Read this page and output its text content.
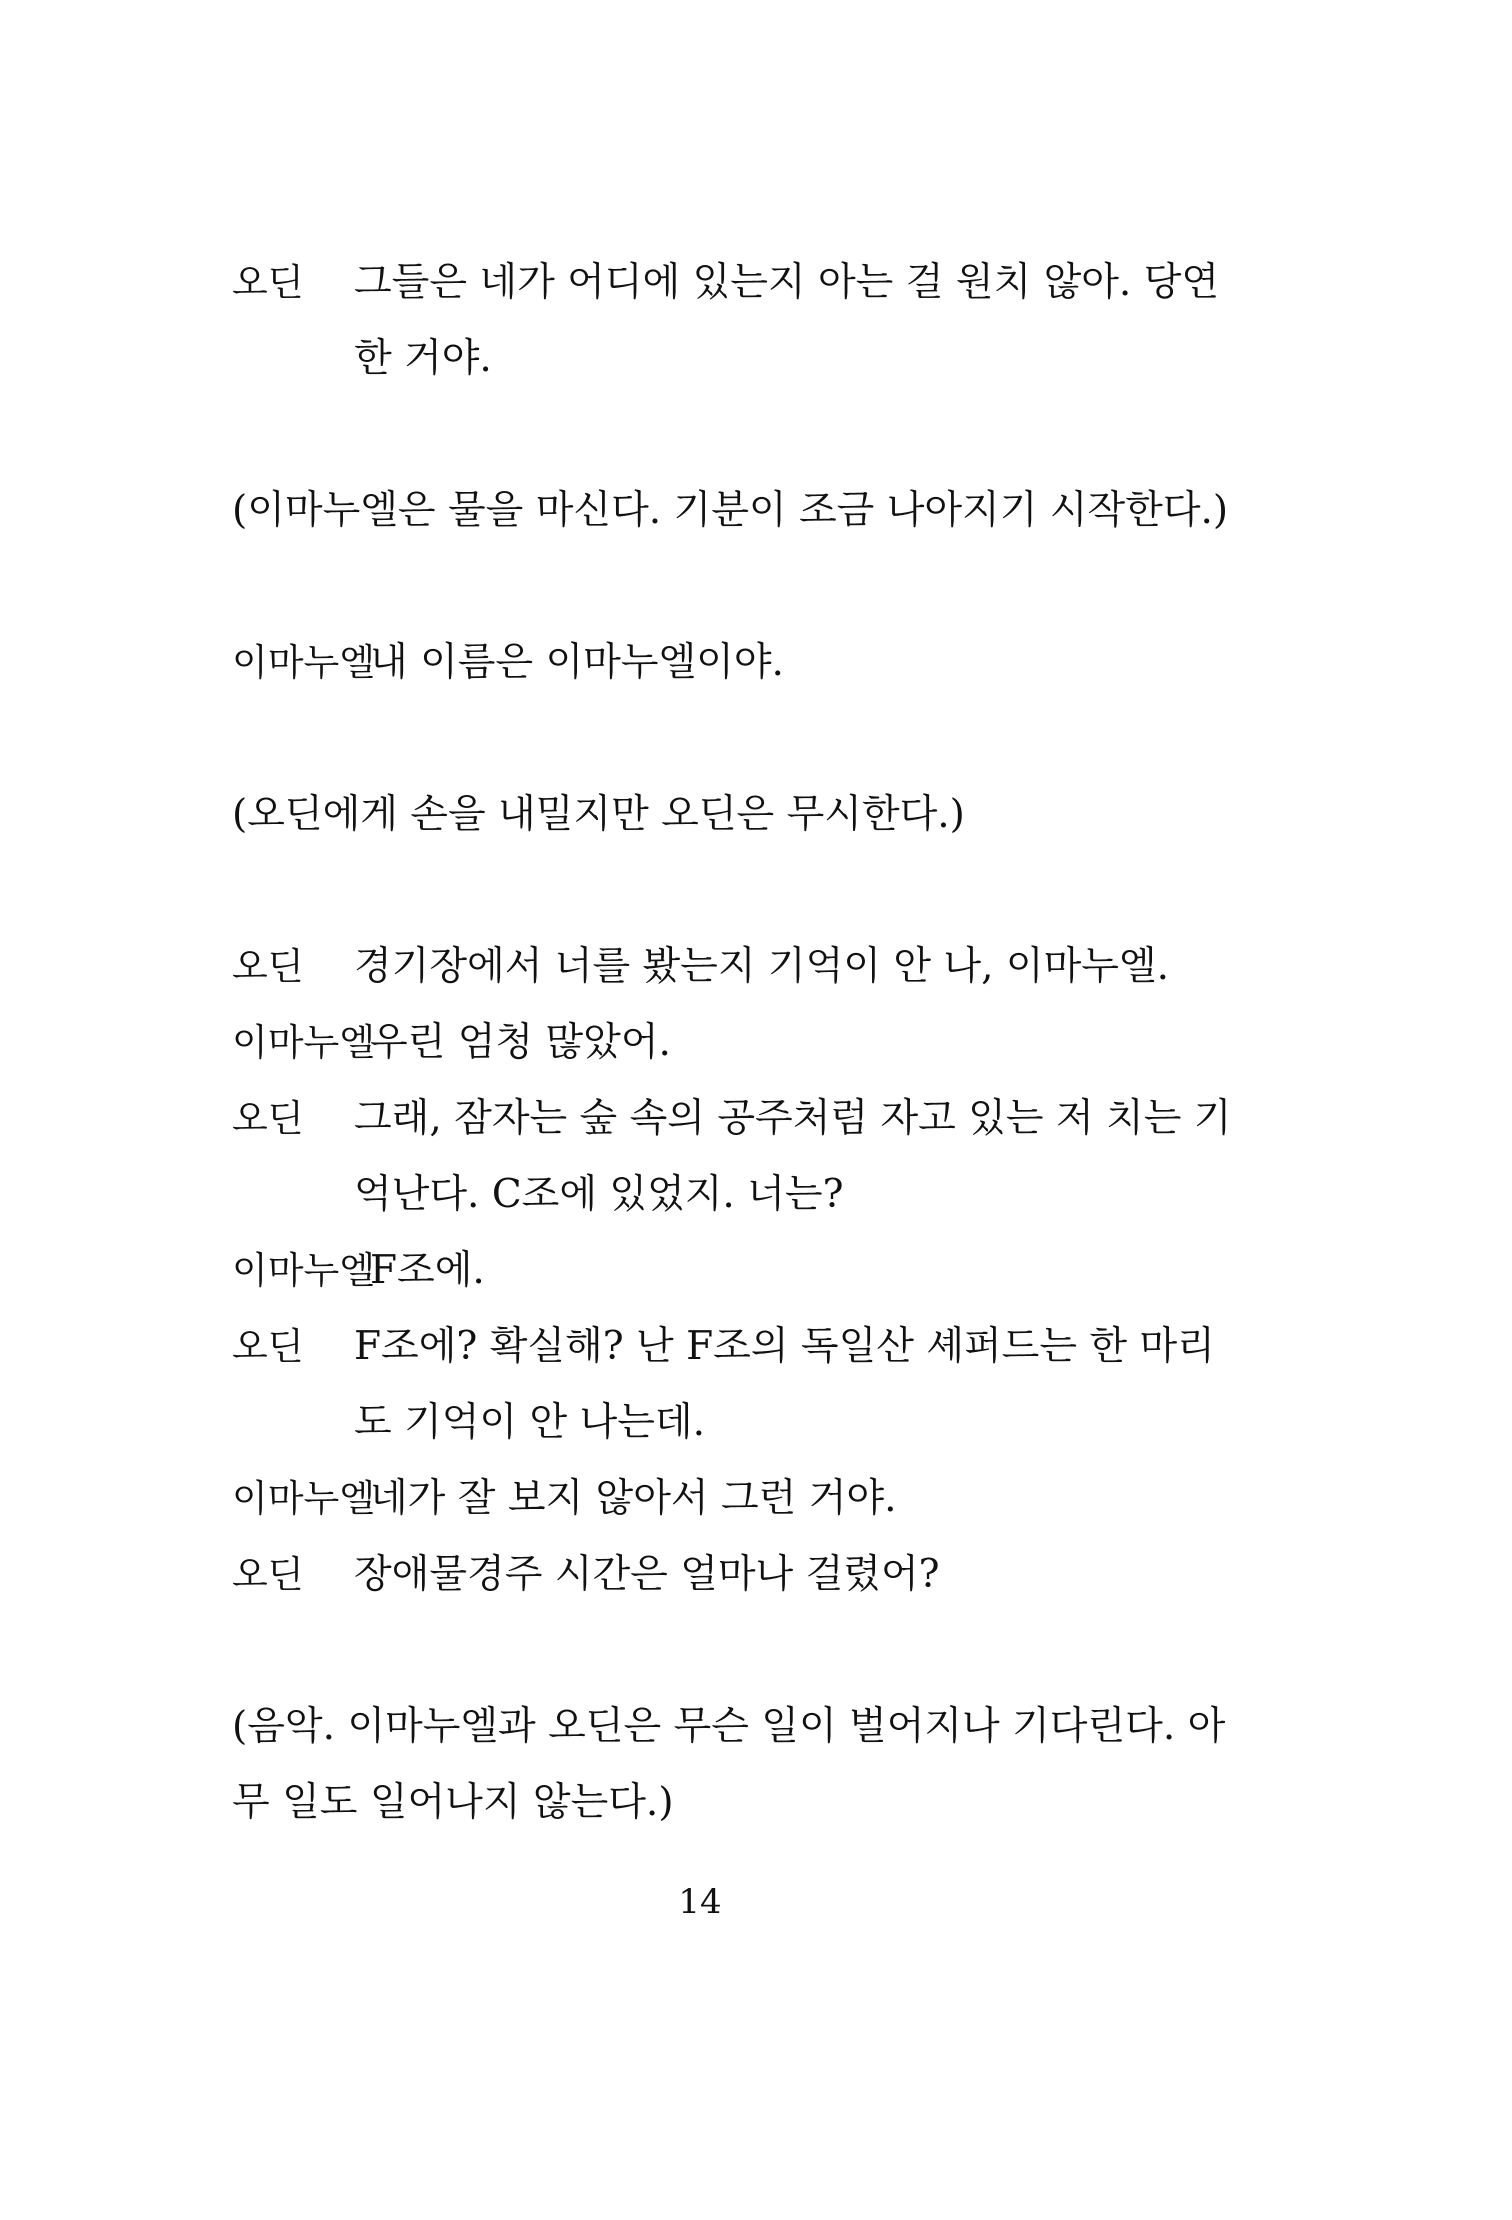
오딘 그들은 네가 어디에 있는지 아는 걸 원치 않아. 당연
한 거야.
(이마누엘은 물을 마신다. 기분이 조금 나아지기 시작한다.)
이마누엘
내 이름은 이마누엘이야.
(오딘에게 손을 내밀지만 오딘은 무시한다.)
오딘 경기장에서 너를 봤는지 기억이 안 나, 이마누엘.
이마누엘
우린 엄청 많았어.
오딘 그래, 잠자는 숲 속의 공주처럼 자고 있는 저 치는 기
억난다. C조에 있었지. 너는?
이마누엘
F조에.
오딘 F조에? 확실해? 난 F조의 독일산 셰퍼드는 한 마리
도 기억이 안 나는데.
이마누엘
네가 잘 보지 않아서 그런 거야.
오딘 장애물경주 시간은 얼마나 걸렸어?
(음악. 이마누엘과 오딘은 무슨 일이 벌어지나 기다린다. 아
무 일도 일어나지 않는다.)
14
